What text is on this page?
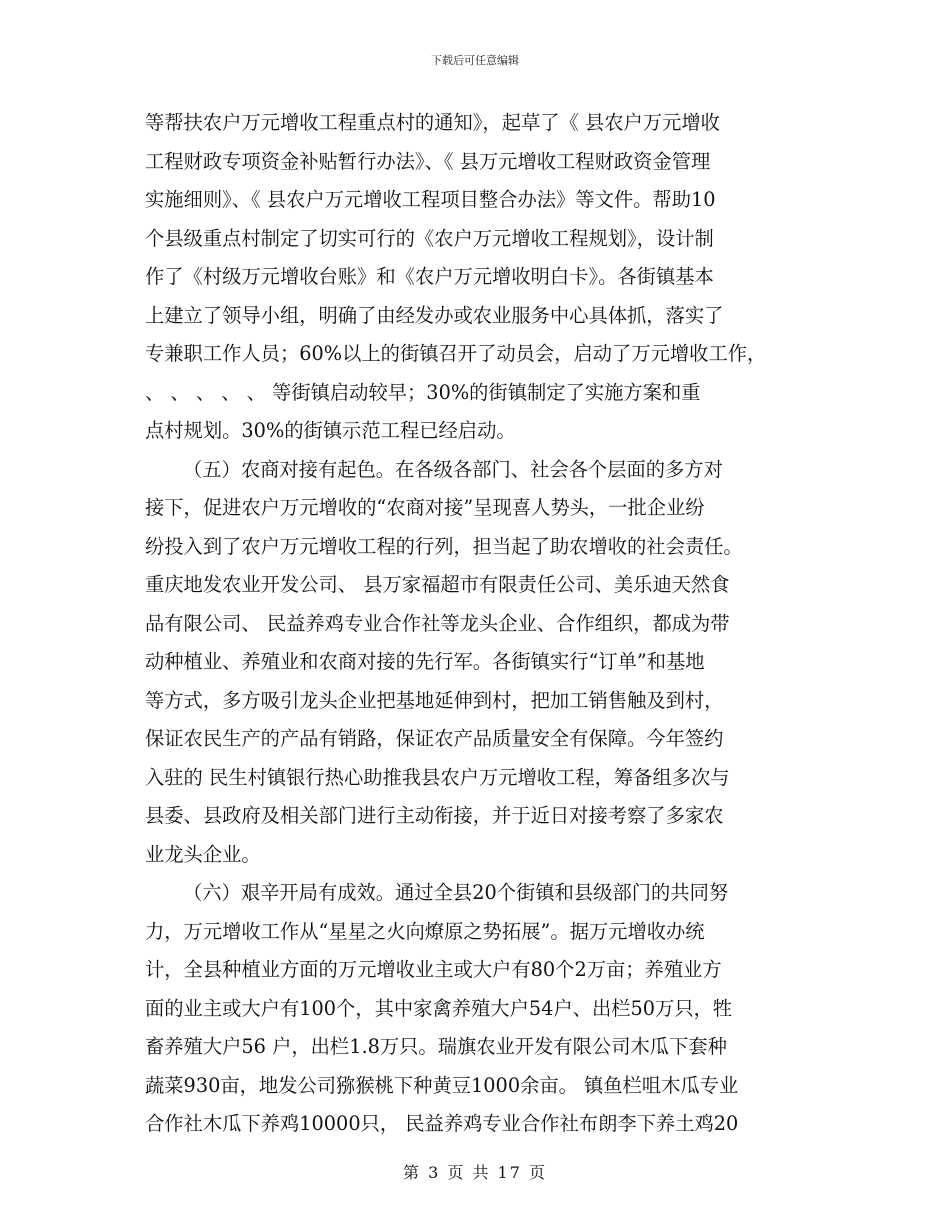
下载后可任意编辑
等帮扶农户万元增收工程重点村的通知》，起草了《 县农户万元增收
工程财政专项资金补贴暂行办法》、《 县万元增收工程财政资金管理
实施细则》、《 县农户万元增收工程项目整合办法》等文件。帮助10
个县级重点村制定了切实可行的《农户万元增收工程规划》，设计制
作了《村级万元增收台账》和《农户万元增收明白卡》。各街镇基本
上建立了领导小组，明确了由经发办或农业服务中心具体抓，落实了
专兼职工作人员；60%以上的街镇召开了动员会，启动了万元增收工作，
、 、 、 、 、 等街镇启动较早；30%的街镇制定了实施方案和重
点村规划。30%的街镇示范工程已经启动。
（五）农商对接有起色。在各级各部门、社会各个层面的多方对
接下，促进农户万元增收的“农商对接”呈现喜人势头，一批企业纷
纷投入到了农户万元增收工程的行列，担当起了助农增收的社会责任。
重庆地发农业开发公司、 县万家福超市有限责任公司、美乐迪天然食
品有限公司、 民益养鸡专业合作社等龙头企业、合作组织，都成为带
动种植业、养殖业和农商对接的先行军。各街镇实行“订单”和基地
等方式，多方吸引龙头企业把基地延伸到村，把加工销售触及到村，
保证农民生产的产品有销路，保证农产品质量安全有保障。今年签约
入驻的 民生村镇银行热心助推我县农户万元增收工程，筹备组多次与
县委、县政府及相关部门进行主动衔接，并于近日对接考察了多家农
业龙头企业。
（六）艰辛开局有成效。通过全县20个街镇和县级部门的共同努
力，万元增收工作从“星星之火向燎原之势拓展”。据万元增收办统
计，全县种植业方面的万元增收业主或大户有80个2万亩；养殖业方
面的业主或大户有100个，其中家禽养殖大户54户、出栏50万只，牲
畜养殖大户56 户，出栏1.8万只。瑞旗农业开发有限公司木瓜下套种
蔬菜930亩，地发公司猕猴桃下种黄豆1000余亩。 镇鱼栏咀木瓜专业
合作社木瓜下养鸡10000只， 民益养鸡专业合作社布朗李下养土鸡20
第 3 页 共 17 页
